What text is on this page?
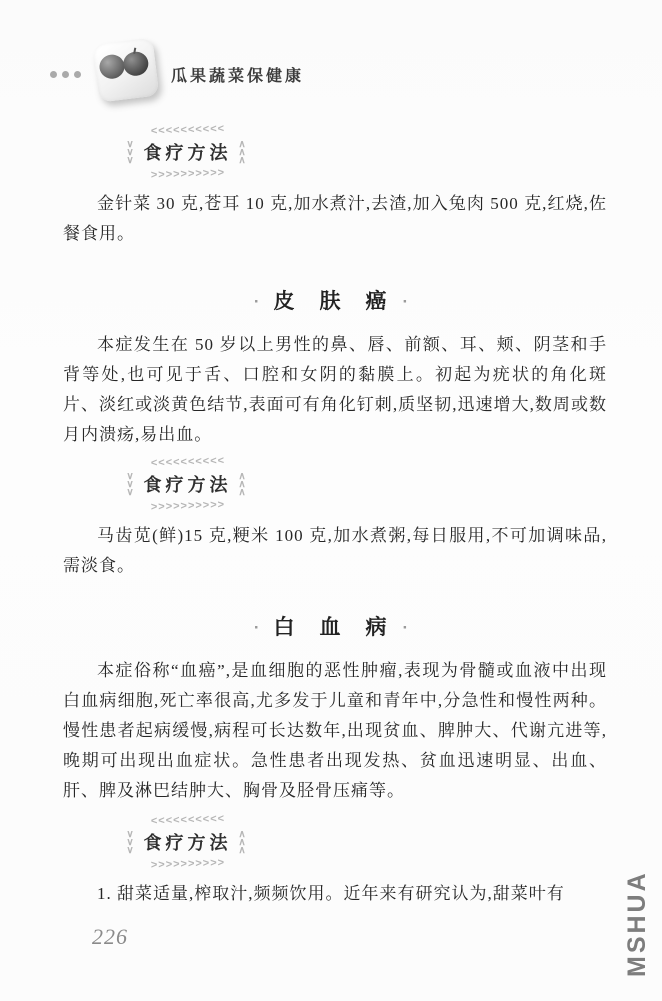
瓜果蔬菜保健康
<<<<<<<<<<
∨∨∨ 食疗方法 ∧∧∧
>>>>>>>>>>

金针菜 30 克,苍耳 10 克,加水煮汁,去渣,加入兔肉 500 克,红烧,佐餐食用。

· 皮　肤　癌 ·

本症发生在 50 岁以上男性的鼻、唇、前额、耳、颊、阴茎和手背等处,也可见于舌、口腔和女阴的黏膜上。初起为疣状的角化斑片、淡红或淡黄色结节,表面可有角化钉刺,质坚韧,迅速增大,数周或数月内溃疡,易出血。

<<<<<<<<<<
∨∨∨ 食疗方法 ∧∧∧
>>>>>>>>>>

马齿苋(鲜)15 克,粳米 100 克,加水煮粥,每日服用,不可加调味品,需淡食。

· 白　血　病 ·

本症俗称“血癌”,是血细胞的恶性肿瘤,表现为骨髓或血液中出现白血病细胞,死亡率很高,尤多发于儿童和青年中,分急性和慢性两种。慢性患者起病缓慢,病程可长达数年,出现贫血、脾肿大、代谢亢进等,晚期可出现出血症状。急性患者出现发热、贫血迅速明显、出血、肝、脾及淋巴结肿大、胸骨及胫骨压痛等。

<<<<<<<<<<
∨∨∨ 食疗方法 ∧∧∧
>>>>>>>>>>

1. 甜菜适量,榨取汁,频频饮用。近年来有研究认为,甜菜叶有

226	MSHUA
